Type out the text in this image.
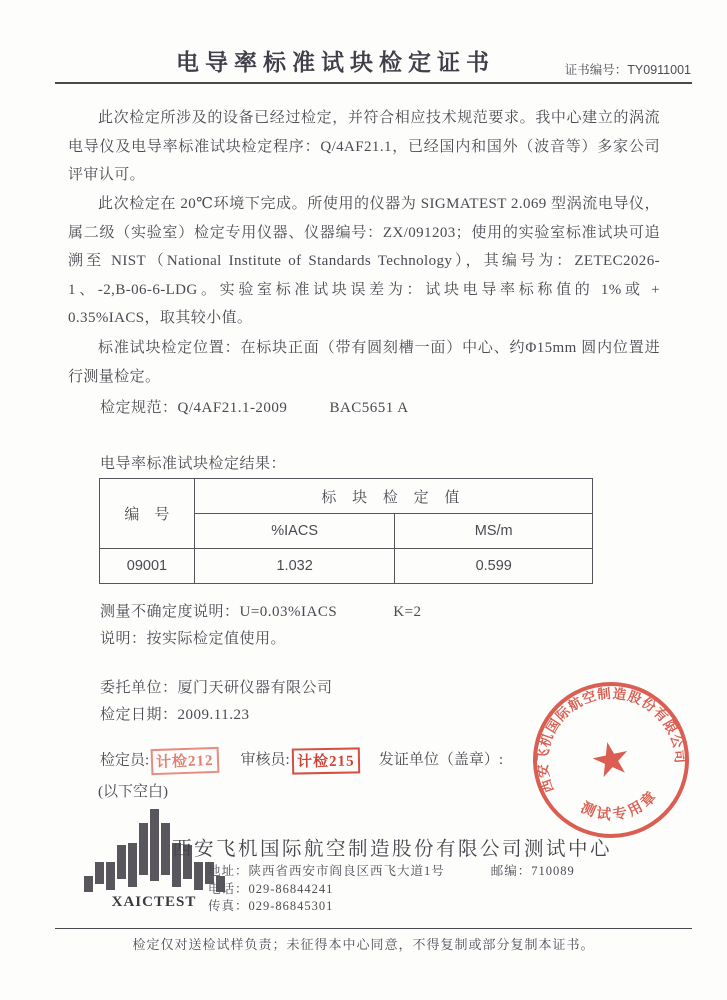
电导率标准试块检定证书	证书编号：TY0911001
此次检定所涉及的设备已经过检定，并符合相应技术规范要求。我中心建立的涡流电导仪及电导率标准试块检定程序：Q/4AF21.1，已经国内和国外（波音等）多家公司评审认可。
此次检定在 20℃环境下完成。所使用的仪器为 SIGMATEST 2.069 型涡流电导仪，属二级（实验室）检定专用仪器、仪器编号：ZX/091203；使用的实验室标准试块可追溯至 NIST（National Institute of Standards Technology），其编号为：ZETEC2026-1、-2,B-06-6-LDG。实验室标准试块误差为：试块电导率标称值的 1%或 + 0.35%IACS，取其较小值。
标准试块检定位置：在标块正面（带有圆刻槽一面）中心、约Φ15mm 圆内位置进行测量检定。
检定规范：Q/4AF21.1-2009	BAC5651 A
电导率标准试块检定结果：
编　号	标 块 检 定 值	
	%IACS	MS/m
09001	1.032	0.599
测量不确定度说明：U=0.03%IACS	K=2
说明：按实际检定值使用。
委托单位：厦门天研仪器有限公司
检定日期：2009.11.23
检定员: 计检212 审核员: 计检215 发证单位（盖章）:
(以下空白)	西安飞机国际航空制造股份有限公司
测试专用章
★
XAICTEST
西安飞机国际航空制造股份有限公司测试中心
地址：陕西省西安市阎良区西飞大道1号	邮编：710089
电话：029-86844241
传真：029-86845301
检定仅对送检试样负责；未征得本中心同意，不得复制或部分复制本证书。
